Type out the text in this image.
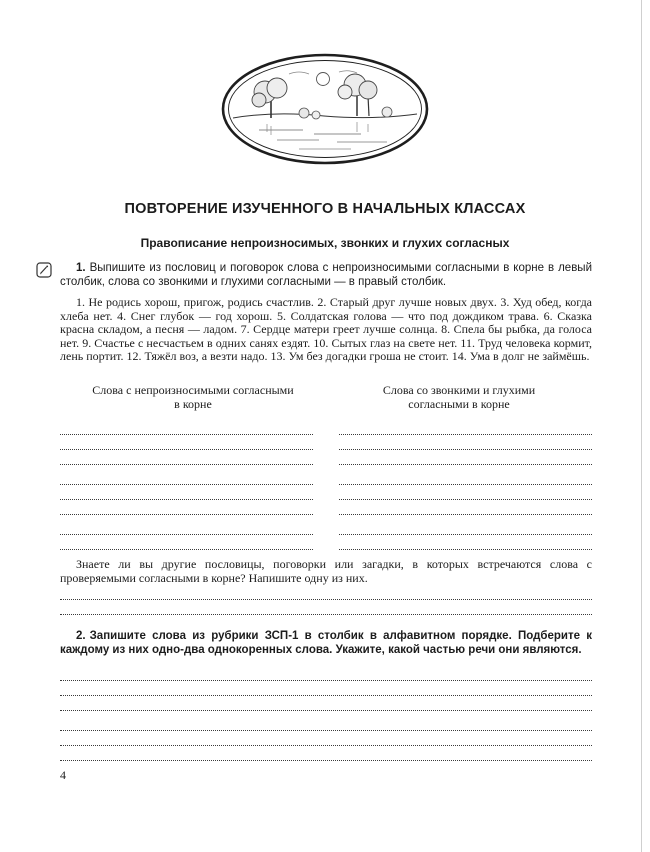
ПОВТОРЕНИЕ ИЗУЧЕННОГО В НАЧАЛЬНЫХ КЛАССАХ
Правописание непроизносимых, звонких и глухих согласных

1. Выпишите из пословиц и поговорок слова с непроизносимыми согласными в корне в левый столбик, слова со звонкими и глухими согласными — в правый столбик.

1. Не родись хорош, пригож, родись счастлив. 2. Старый друг лучше новых двух. 3. Худ обед, когда хлеба нет. 4. Снег глубок — год хорош. 5. Солдатская голова — что под дождиком трава. 6. Сказка красна складом, а песня — ладом. 7. Сердце матери греет лучше солнца. 8. Спела бы рыбка, да голоса нет. 9. Счастье с несчастьем в одних санях ездят. 10. Сытых глаз на свете нет. 11. Труд человека кормит, лень портит. 12. Тяжёл воз, а везти надо. 13. Ум без догадки гроша не стоит. 14. Ума в долг не займёшь.

Слова с непроизносимыми согласными в корне

Слова со звонкими и глухими согласными в корне

Знаете ли вы другие пословицы, поговорки или загадки, в которых встречаются слова с проверяемыми согласными в корне? Напишите одну из них.

2. Запишите слова из рубрики ЗСП-1 в столбик в алфавитном порядке. Подберите к каждому из них одно-два однокоренных слова. Укажите, какой частью речи они являются.

4
